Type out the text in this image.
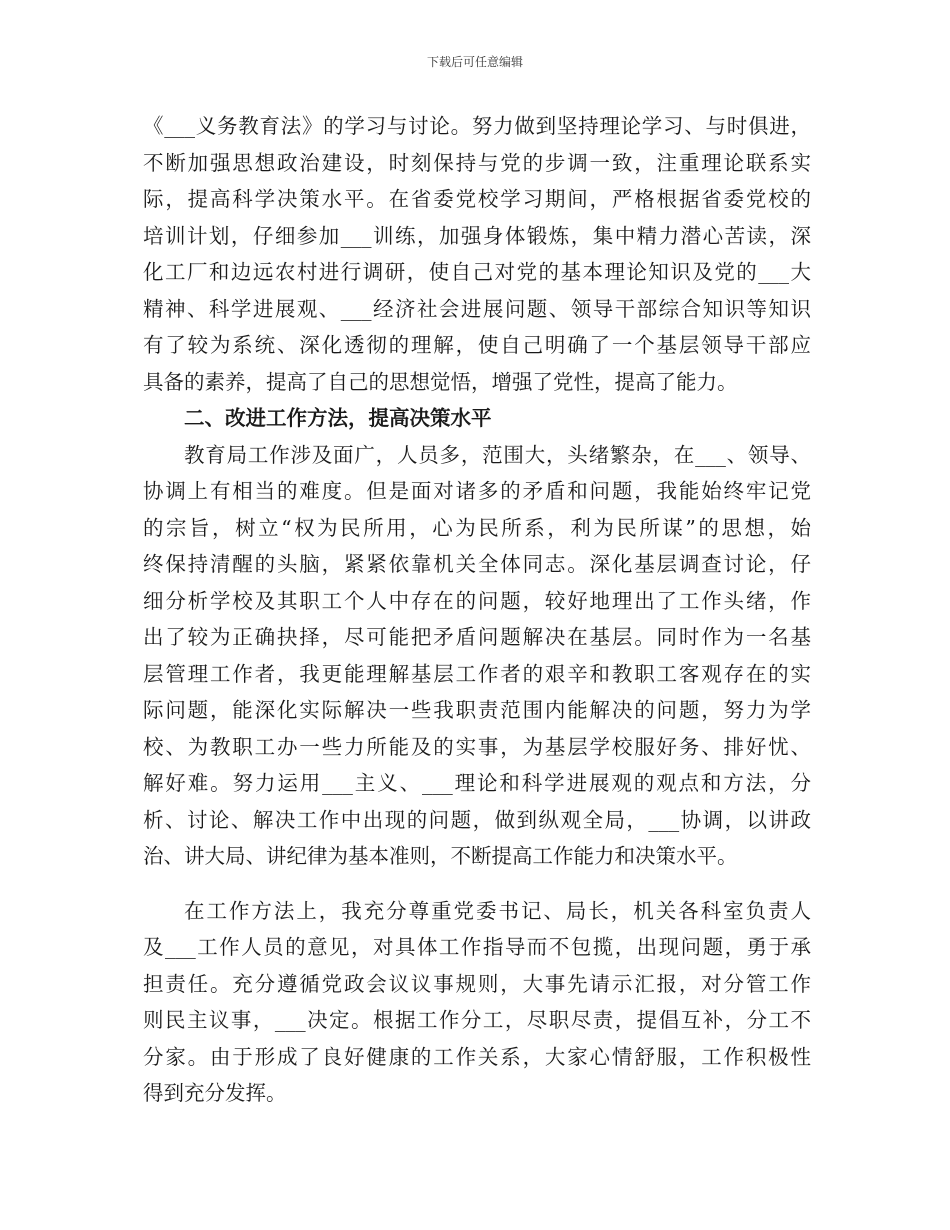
下载后可任意编辑
《___义务教育法》的学习与讨论。努力做到坚持理论学习、与时俱进，
不断加强思想政治建设，时刻保持与党的步调一致，注重理论联系实
际，提高科学决策水平。在省委党校学习期间，严格根据省委党校的
培训计划，仔细参加___训练，加强身体锻炼，集中精力潜心苦读，深
化工厂和边远农村进行调研，使自己对党的基本理论知识及党的___大
精神、科学进展观、___经济社会进展问题、领导干部综合知识等知识
有了较为系统、深化透彻的理解，使自己明确了一个基层领导干部应
具备的素养，提高了自己的思想觉悟，增强了党性，提高了能力。
二、改进工作方法，提高决策水平
教育局工作涉及面广，人员多，范围大，头绪繁杂，在___、领导、
协调上有相当的难度。但是面对诸多的矛盾和问题，我能始终牢记党
的宗旨，树立“权为民所用，心为民所系，利为民所谋”的思想，始
终保持清醒的头脑，紧紧依靠机关全体同志。深化基层调查讨论，仔
细分析学校及其职工个人中存在的问题，较好地理出了工作头绪，作
出了较为正确抉择，尽可能把矛盾问题解决在基层。同时作为一名基
层管理工作者，我更能理解基层工作者的艰辛和教职工客观存在的实
际问题，能深化实际解决一些我职责范围内能解决的问题，努力为学
校、为教职工办一些力所能及的实事，为基层学校服好务、排好忧、
解好难。努力运用___主义、___理论和科学进展观的观点和方法，分
析、讨论、解决工作中出现的问题，做到纵观全局，___协调，以讲政
治、讲大局、讲纪律为基本准则，不断提高工作能力和决策水平。
在工作方法上，我充分尊重党委书记、局长，机关各科室负责人
及___工作人员的意见，对具体工作指导而不包揽，出现问题，勇于承
担责任。充分遵循党政会议议事规则，大事先请示汇报，对分管工作
则民主议事，___决定。根据工作分工，尽职尽责，提倡互补，分工不
分家。由于形成了良好健康的工作关系，大家心情舒服，工作积极性
得到充分发挥。
